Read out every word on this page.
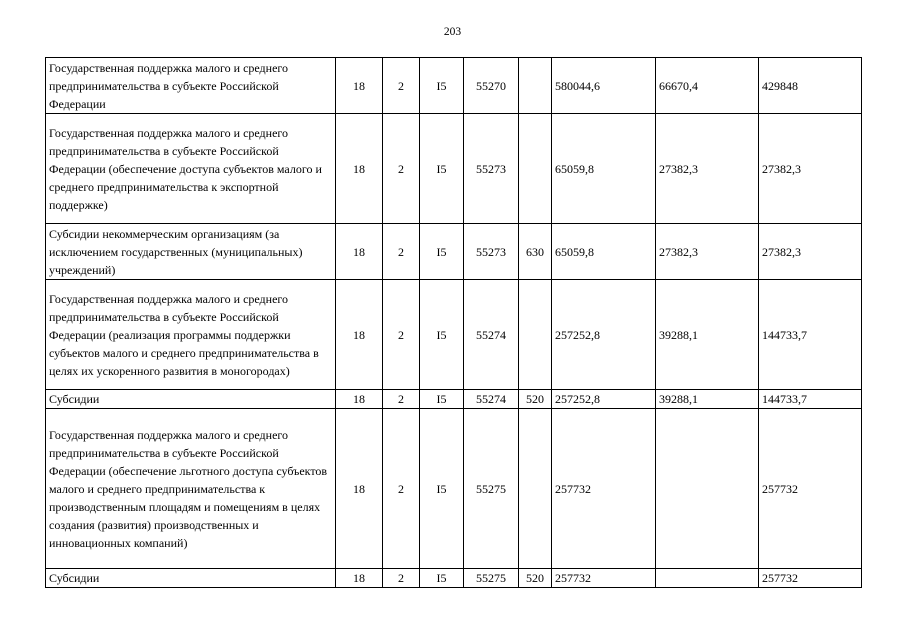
203
Государственная поддержка малого и среднего предпринимательства в субъекте Российской Федерации	18	2	I5	55270		580044,6	66670,4	429848
Государственная поддержка малого и среднего предпринимательства в субъекте Российской Федерации (обеспечение доступа субъектов малого и среднего предпринимательства к экспортной поддержке)	18	2	I5	55273		65059,8	27382,3	27382,3
Субсидии некоммерческим организациям (за исключением государственных (муниципальных) учреждений)	18	2	I5	55273	630	65059,8	27382,3	27382,3
Государственная поддержка малого и среднего предпринимательства в субъекте Российской Федерации (реализация программы поддержки субъектов малого и среднего предпринимательства в целях их ускоренного развития в моногородах)	18	2	I5	55274		257252,8	39288,1	144733,7
Субсидии	18	2	I5	55274	520	257252,8	39288,1	144733,7
Государственная поддержка малого и среднего предпринимательства в субъекте Российской Федерации (обеспечение льготного доступа субъектов малого и среднего предпринимательства к производственным площадям и помещениям в целях создания (развития) производственных и инновационных компаний)	18	2	I5	55275		257732		257732
Субсидии	18	2	I5	55275	520	257732		257732
